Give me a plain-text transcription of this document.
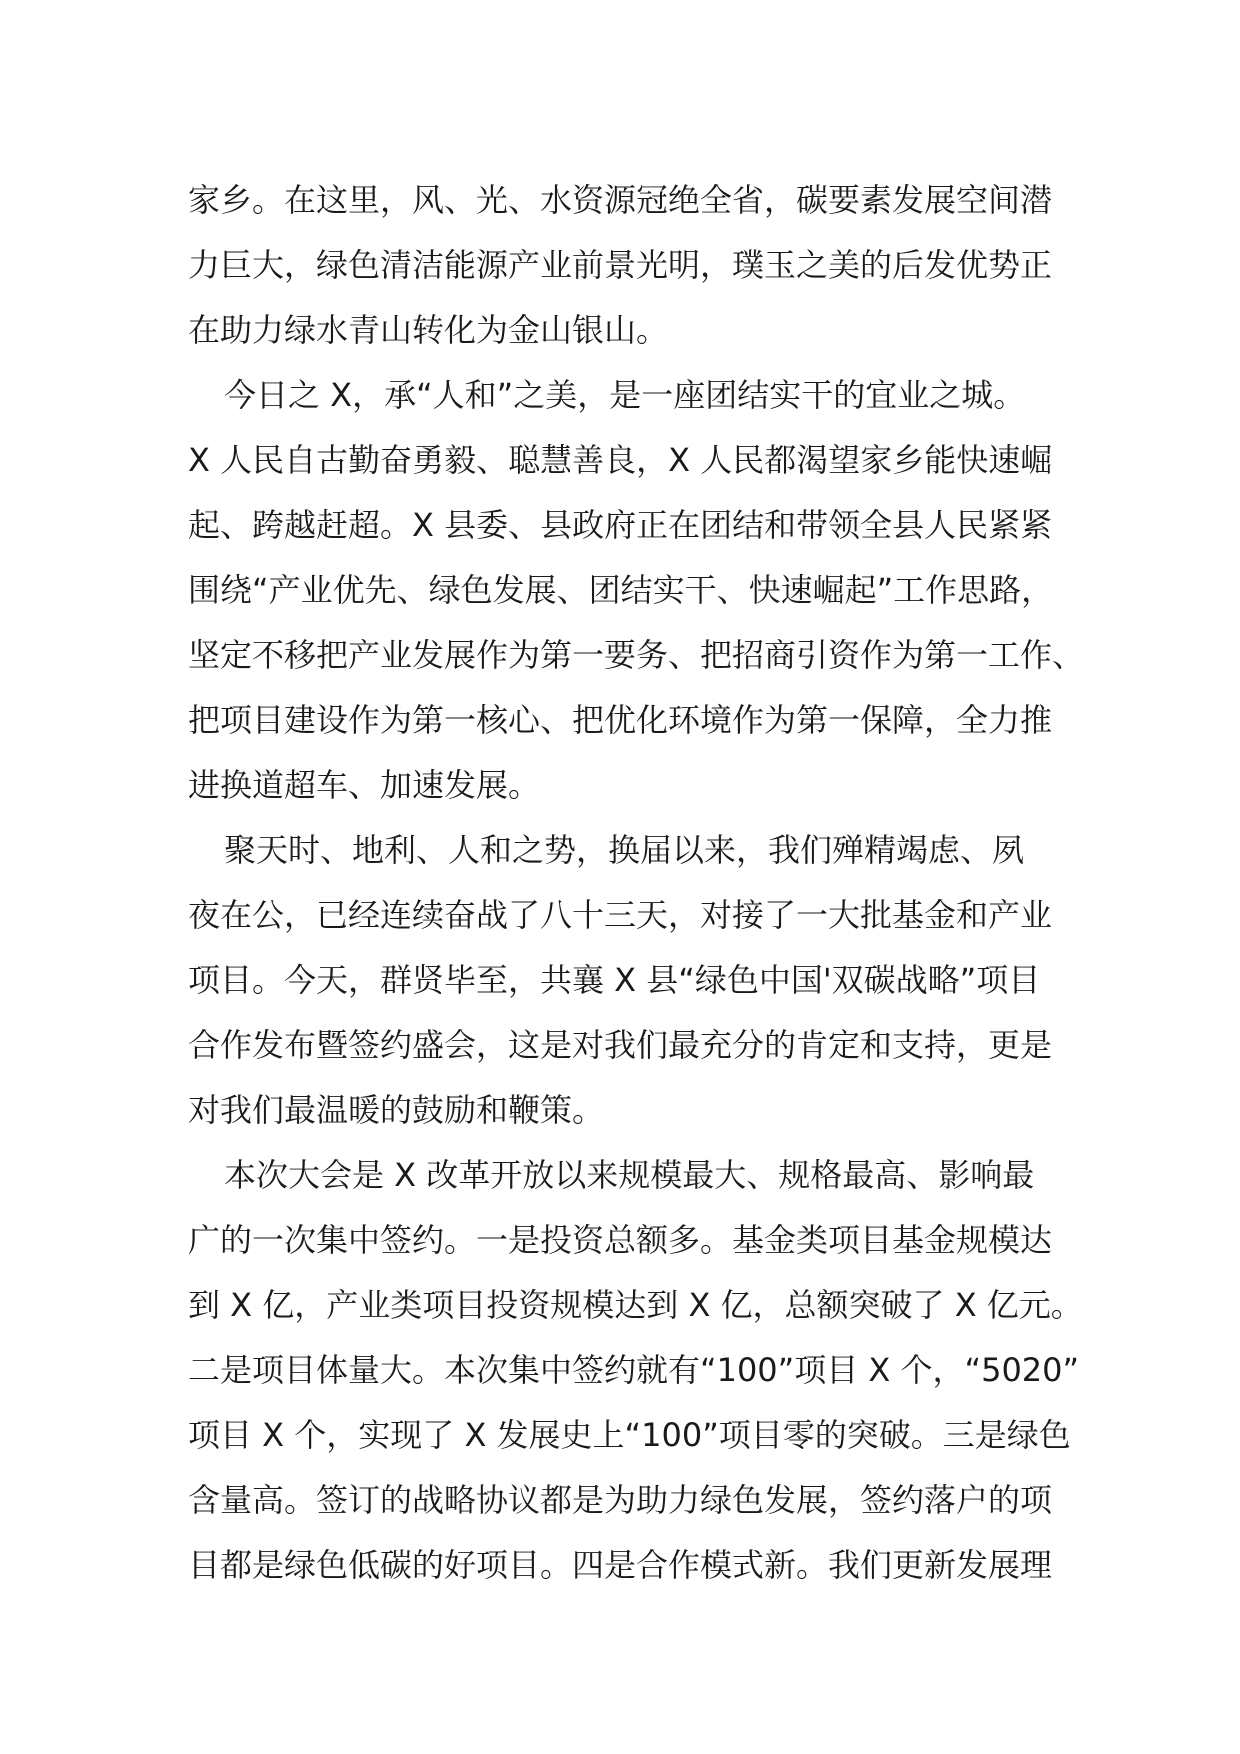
家乡。在这里，风、光、水资源冠绝全省，碳要素发展空间潜
力巨大，绿色清洁能源产业前景光明，璞玉之美的后发优势正
在助力绿水青山转化为金山银山。
今日之 X，承“人和”之美，是一座团结实干的宜业之城。
X 人民自古勤奋勇毅、聪慧善良，X 人民都渴望家乡能快速崛
起、跨越赶超。X 县委、县政府正在团结和带领全县人民紧紧
围绕“产业优先、绿色发展、团结实干、快速崛起”工作思路，
坚定不移把产业发展作为第一要务、把招商引资作为第一工作、
把项目建设作为第一核心、把优化环境作为第一保障，全力推
进换道超车、加速发展。
聚天时、地利、人和之势，换届以来，我们殚精竭虑、夙
夜在公，已经连续奋战了八十三天，对接了一大批基金和产业
项目。今天，群贤毕至，共襄 X 县“绿色中国'双碳战略”项目
合作发布暨签约盛会，这是对我们最充分的肯定和支持，更是
对我们最温暖的鼓励和鞭策。
本次大会是 X 改革开放以来规模最大、规格最高、影响最
广的一次集中签约。一是投资总额多。基金类项目基金规模达
到 X 亿，产业类项目投资规模达到 X 亿，总额突破了 X 亿元。
二是项目体量大。本次集中签约就有“100”项目 X 个，“5020”
项目 X 个，实现了 X 发展史上“100”项目零的突破。三是绿色
含量高。签订的战略协议都是为助力绿色发展，签约落户的项
目都是绿色低碳的好项目。四是合作模式新。我们更新发展理
